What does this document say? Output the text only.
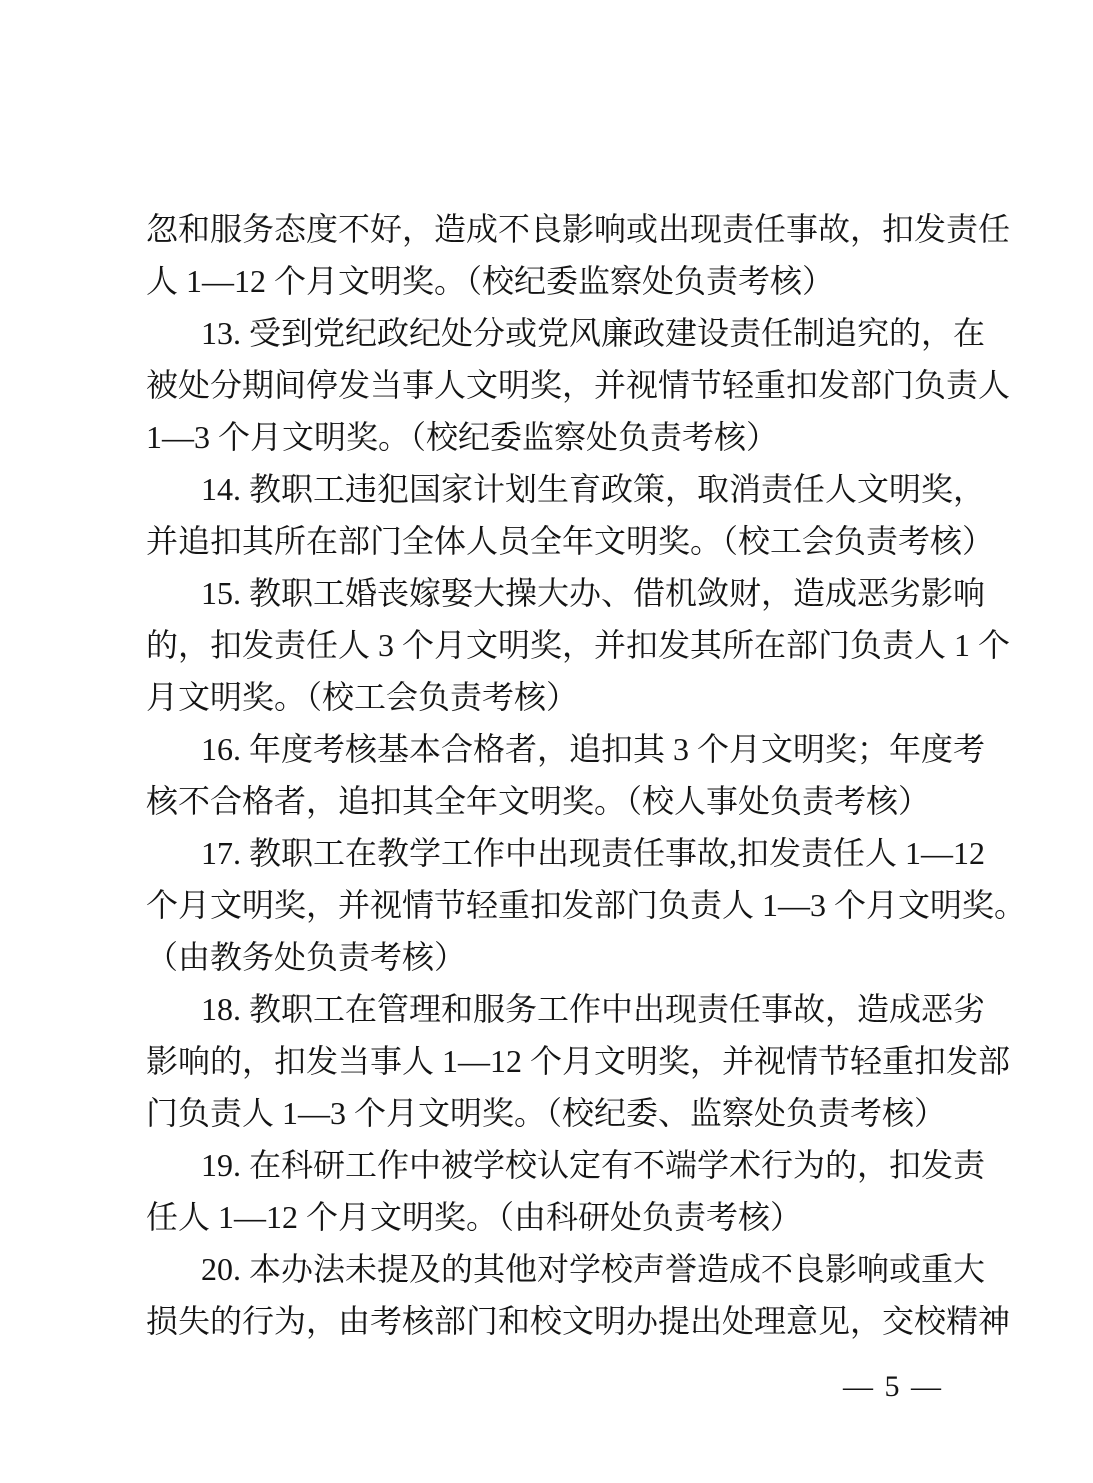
忽和服务态度不好，造成不良影响或出现责任事故，扣发责任
人 1—12 个月文明奖。（校纪委监察处负责考核）
13. 受到党纪政纪处分或党风廉政建设责任制追究的，在
被处分期间停发当事人文明奖，并视情节轻重扣发部门负责人
1—3 个月文明奖。（校纪委监察处负责考核）
14. 教职工违犯国家计划生育政策，取消责任人文明奖，
并追扣其所在部门全体人员全年文明奖。（校工会负责考核）
15. 教职工婚丧嫁娶大操大办、借机敛财，造成恶劣影响
的，扣发责任人 3 个月文明奖，并扣发其所在部门负责人 1 个
月文明奖。（校工会负责考核）
16. 年度考核基本合格者，追扣其 3 个月文明奖；年度考
核不合格者，追扣其全年文明奖。（校人事处负责考核）
17. 教职工在教学工作中出现责任事故,扣发责任人 1—12
个月文明奖，并视情节轻重扣发部门负责人 1—3 个月文明奖。
（由教务处负责考核）
18. 教职工在管理和服务工作中出现责任事故，造成恶劣
影响的，扣发当事人 1—12 个月文明奖，并视情节轻重扣发部
门负责人 1—3 个月文明奖。（校纪委、监察处负责考核）
19. 在科研工作中被学校认定有不端学术行为的，扣发责
任人 1—12 个月文明奖。（由科研处负责考核）
20. 本办法未提及的其他对学校声誉造成不良影响或重大
损失的行为，由考核部门和校文明办提出处理意见，交校精神
— 5 —
